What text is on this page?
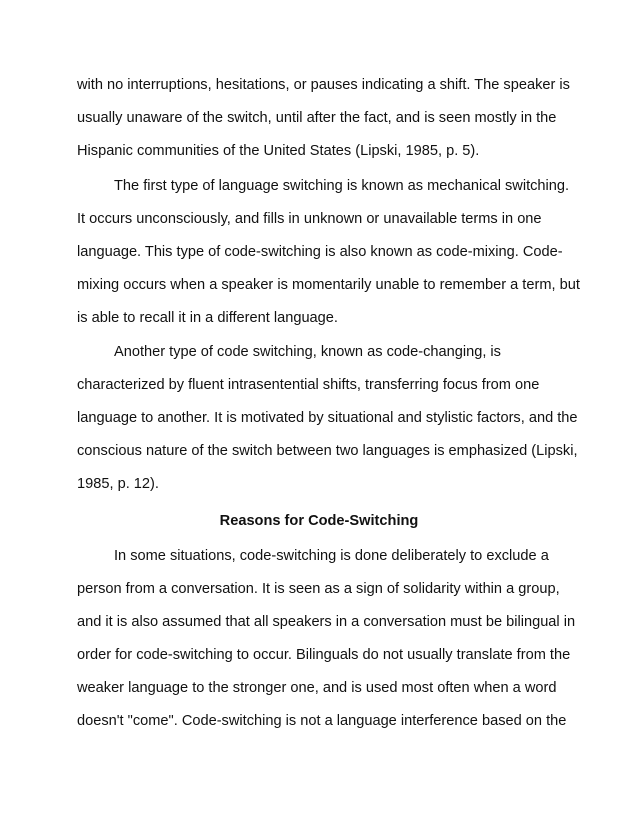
with no interruptions, hesitations, or pauses indicating a shift. The speaker is
usually unaware of the switch, until after the fact, and is seen mostly in the
Hispanic communities of the United States (Lipski, 1985, p. 5).
The first type of language switching is known as mechanical switching.
It occurs unconsciously, and fills in unknown or unavailable terms in one
language. This type of code-switching is also known as code-mixing. Code-
mixing occurs when a speaker is momentarily unable to remember a term, but
is able to recall it in a different language.
Another type of code switching, known as code-changing, is
characterized by fluent intrasentential shifts, transferring focus from one
language to another. It is motivated by situational and stylistic factors, and the
conscious nature of the switch between two languages is emphasized (Lipski,
1985, p. 12).
Reasons for Code-Switching
In some situations, code-switching is done deliberately to exclude a
person from a conversation. It is seen as a sign of solidarity within a group,
and it is also assumed that all speakers in a conversation must be bilingual in
order for code-switching to occur. Bilinguals do not usually translate from the
weaker language to the stronger one, and is used most often when a word
doesn't "come". Code-switching is not a language interference based on the
